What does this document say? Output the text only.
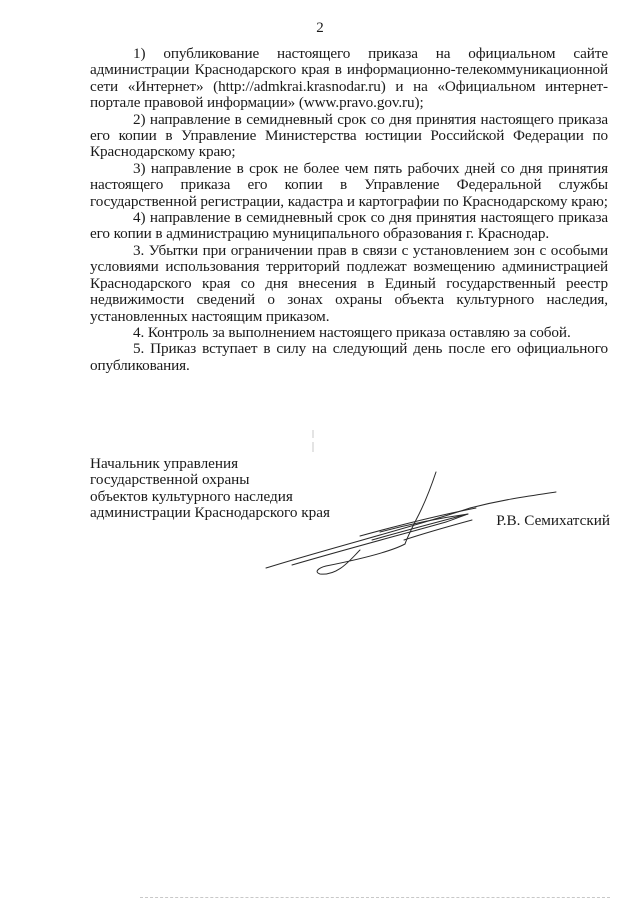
2

1) опубликование настоящего приказа на официальном сайте администрации Краснодарского края в информационно-телекоммуникационной сети «Интернет» (http://admkrai.krasnodar.ru) и на «Официальном интернет-портале правовой информации» (www.pravo.gov.ru);

2) направление в семидневный срок со дня принятия настоящего приказа его копии в Управление Министерства юстиции Российской Федерации по Краснодарскому краю;

3) направление в срок не более чем пять рабочих дней со дня принятия настоящего приказа его копии в Управление Федеральной службы государственной регистрации, кадастра и картографии по Краснодарскому краю;

4) направление в семидневный срок со дня принятия настоящего приказа его копии в администрацию муниципального образования г. Краснодар.

3. Убытки при ограничении прав в связи с установлением зон с особыми условиями использования территорий подлежат возмещению администрацией Краснодарского края со дня внесения в Единый государственный реестр недвижимости сведений о зонах охраны объекта культурного наследия, установленных настоящим приказом.

4. Контроль за выполнением настоящего приказа оставляю за собой.

5. Приказ вступает в силу на следующий день после его официального опубликования.

Начальник управления
государственной охраны
объектов культурного наследия
администрации Краснодарского края	Р.В. Семихатский
